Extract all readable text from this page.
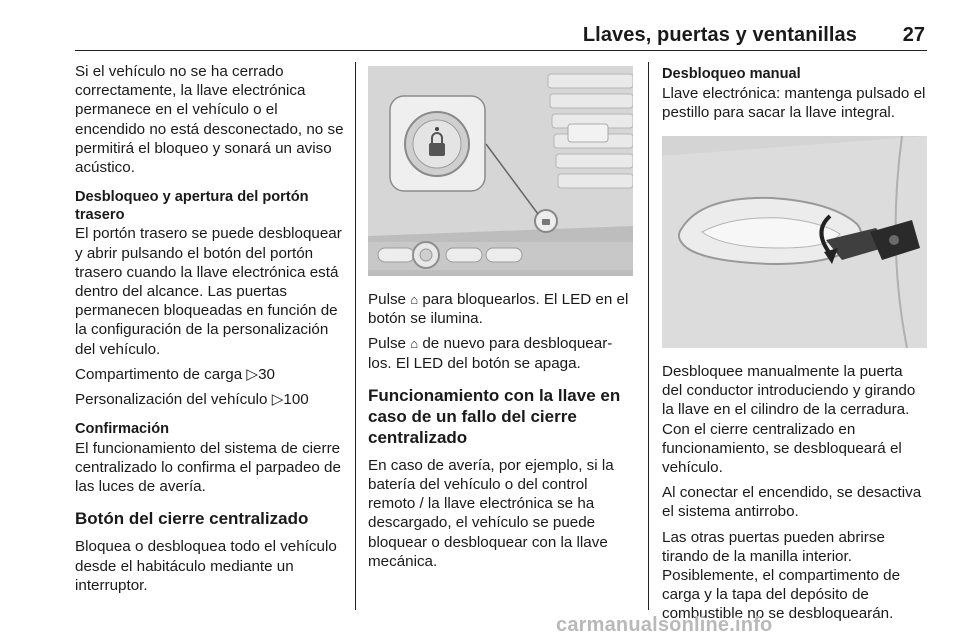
Llaves, puertas y ventanillas 27

Si el vehículo no se ha cerrado correctamente, la llave electrónica permanece en el vehículo o el encendido no está desconectado, no se permitirá el bloqueo y sonará un aviso acústico.

Desbloqueo y apertura del portón trasero

El portón trasero se puede desbloquear y abrir pulsando el botón del portón trasero cuando la llave electrónica está dentro del alcance. Las puertas permanecen bloqueadas en función de la configuración de la personalización del vehículo.

Compartimento de carga ▷ 30

Personalización del vehículo ▷ 100

Confirmación

El funcionamiento del sistema de cierre centralizado lo confirma el parpadeo de las luces de avería.

Botón del cierre centralizado

Bloquea o desbloquea todo el vehículo desde el habitáculo mediante un interruptor.

Pulse ⌂ para bloquearlos. El LED en el botón se ilumina.

Pulse ⌂ de nuevo para desbloquear-los. El LED del botón se apaga.

Funcionamiento con la llave en caso de un fallo del cierre centralizado

En caso de avería, por ejemplo, si la batería del vehículo o del control remoto / la llave electrónica se ha descargado, el vehículo se puede bloquear o desbloquear con la llave mecánica.

Desbloqueo manual

Llave electrónica: mantenga pulsado el pestillo para sacar la llave integral.

Desbloquee manualmente la puerta del conductor introduciendo y girando la llave en el cilindro de la cerradura. Con el cierre centralizado en funcionamiento, se desbloqueará el vehículo.

Al conectar el encendido, se desactiva el sistema antirrobo.

Las otras puertas pueden abrirse tirando de la manilla interior. Posiblemente, el compartimento de carga y la tapa del depósito de combustible no se desbloquearán.

carmanualsonline.info
